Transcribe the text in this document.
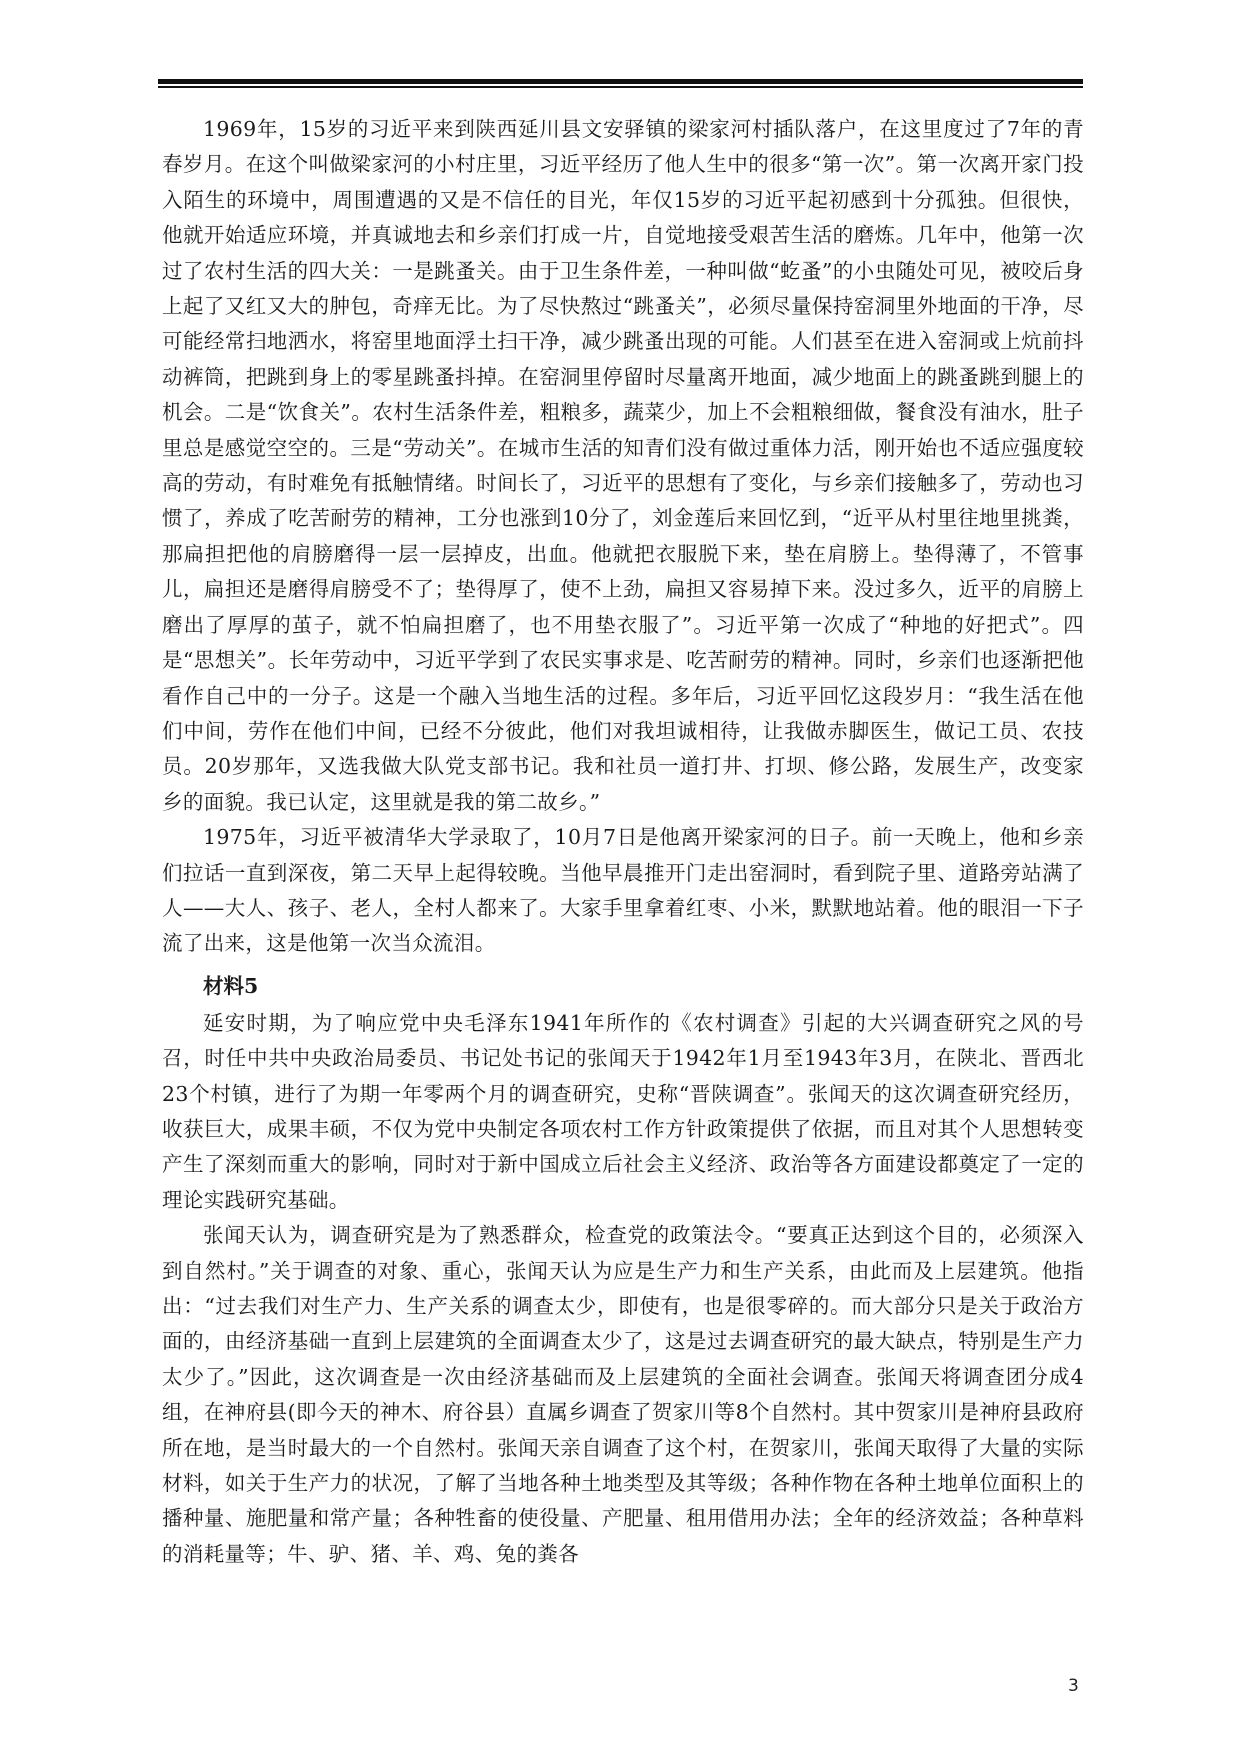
1969年，15岁的习近平来到陕西延川县文安驿镇的梁家河村插队落户，在这里度过了7年的青春岁月。在这个叫做梁家河的小村庄里，习近平经历了他人生中的很多“第一次”。第一次离开家门投入陌生的环境中，周围遭遇的又是不信任的目光，年仅15岁的习近平起初感到十分孤独。但很快，他就开始适应环境，并真诚地去和乡亲们打成一片，自觉地接受艰苦生活的磨炼。几年中，他第一次过了农村生活的四大关：一是跳蚤关。由于卫生条件差，一种叫做“虼蚤”的小虫随处可见，被咬后身上起了又红又大的肿包，奇痒无比。为了尽快熬过“跳蚤关”，必须尽量保持窑洞里外地面的干净，尽可能经常扫地洒水，将窑里地面浮土扫干净，减少跳蚤出现的可能。人们甚至在进入窑洞或上炕前抖动裤筒，把跳到身上的零星跳蚤抖掉。在窑洞里停留时尽量离开地面，减少地面上的跳蚤跳到腿上的机会。二是“饮食关”。农村生活条件差，粗粮多，蔬菜少，加上不会粗粮细做，餐食没有油水，肚子里总是感觉空空的。三是“劳动关”。在城市生活的知青们没有做过重体力活，刚开始也不适应强度较高的劳动，有时难免有抵触情绪。时间长了，习近平的思想有了变化，与乡亲们接触多了，劳动也习惯了，养成了吃苦耐劳的精神，工分也涨到10分了，刘金莲后来回忆到，“近平从村里往地里挑粪，那扁担把他的肩膀磨得一层一层掉皮，出血。他就把衣服脱下来，垫在肩膀上。垫得薄了，不管事儿，扁担还是磨得肩膀受不了；垫得厚了，使不上劲，扁担又容易掉下来。没过多久，近平的肩膀上磨出了厚厚的茧子，就不怕扁担磨了，也不用垫衣服了”。习近平第一次成了“种地的好把式”。四是“思想关”。长年劳动中，习近平学到了农民实事求是、吃苦耐劳的精神。同时，乡亲们也逐渐把他看作自己中的一分子。这是一个融入当地生活的过程。多年后，习近平回忆这段岁月：“我生活在他们中间，劳作在他们中间，已经不分彼此，他们对我坦诚相待，让我做赤脚医生，做记工员、农技员。20岁那年，又选我做大队党支部书记。我和社员一道打井、打坝、修公路，发展生产，改变家乡的面貌。我已认定，这里就是我的第二故乡。”

1975年，习近平被清华大学录取了，10月7日是他离开梁家河的日子。前一天晚上，他和乡亲们拉话一直到深夜，第二天早上起得较晚。当他早晨推开门走出窑洞时，看到院子里、道路旁站满了人——大人、孩子、老人，全村人都来了。大家手里拿着红枣、小米，默默地站着。他的眼泪一下子流了出来，这是他第一次当众流泪。

材料5

延安时期，为了响应党中央毛泽东1941年所作的《农村调查》引起的大兴调查研究之风的号召，时任中共中央政治局委员、书记处书记的张闻天于1942年1月至1943年3月，在陕北、晋西北23个村镇，进行了为期一年零两个月的调查研究，史称“晋陕调查”。张闻天的这次调查研究经历，收获巨大，成果丰硕，不仅为党中央制定各项农村工作方针政策提供了依据，而且对其个人思想转变产生了深刻而重大的影响，同时对于新中国成立后社会主义经济、政治等各方面建设都奠定了一定的理论实践研究基础。

张闻天认为，调查研究是为了熟悉群众，检查党的政策法令。“要真正达到这个目的，必须深入到自然村。”关于调查的对象、重心，张闻天认为应是生产力和生产关系，由此而及上层建筑。他指出：“过去我们对生产力、生产关系的调查太少，即使有，也是很零碎的。而大部分只是关于政治方面的，由经济基础一直到上层建筑的全面调查太少了，这是过去调查研究的最大缺点，特别是生产力太少了。”因此，这次调查是一次由经济基础而及上层建筑的全面社会调查。张闻天将调查团分成4组，在神府县(即今天的神木、府谷县）直属乡调查了贺家川等8个自然村。其中贺家川是神府县政府所在地，是当时最大的一个自然村。张闻天亲自调查了这个村，在贺家川，张闻天取得了大量的实际材料，如关于生产力的状况，了解了当地各种土地类型及其等级；各种作物在各种土地单位面积上的播种量、施肥量和常产量；各种牲畜的使役量、产肥量、租用借用办法；全年的经济效益；各种草料的消耗量等；牛、驴、猪、羊、鸡、兔的粪各

3
